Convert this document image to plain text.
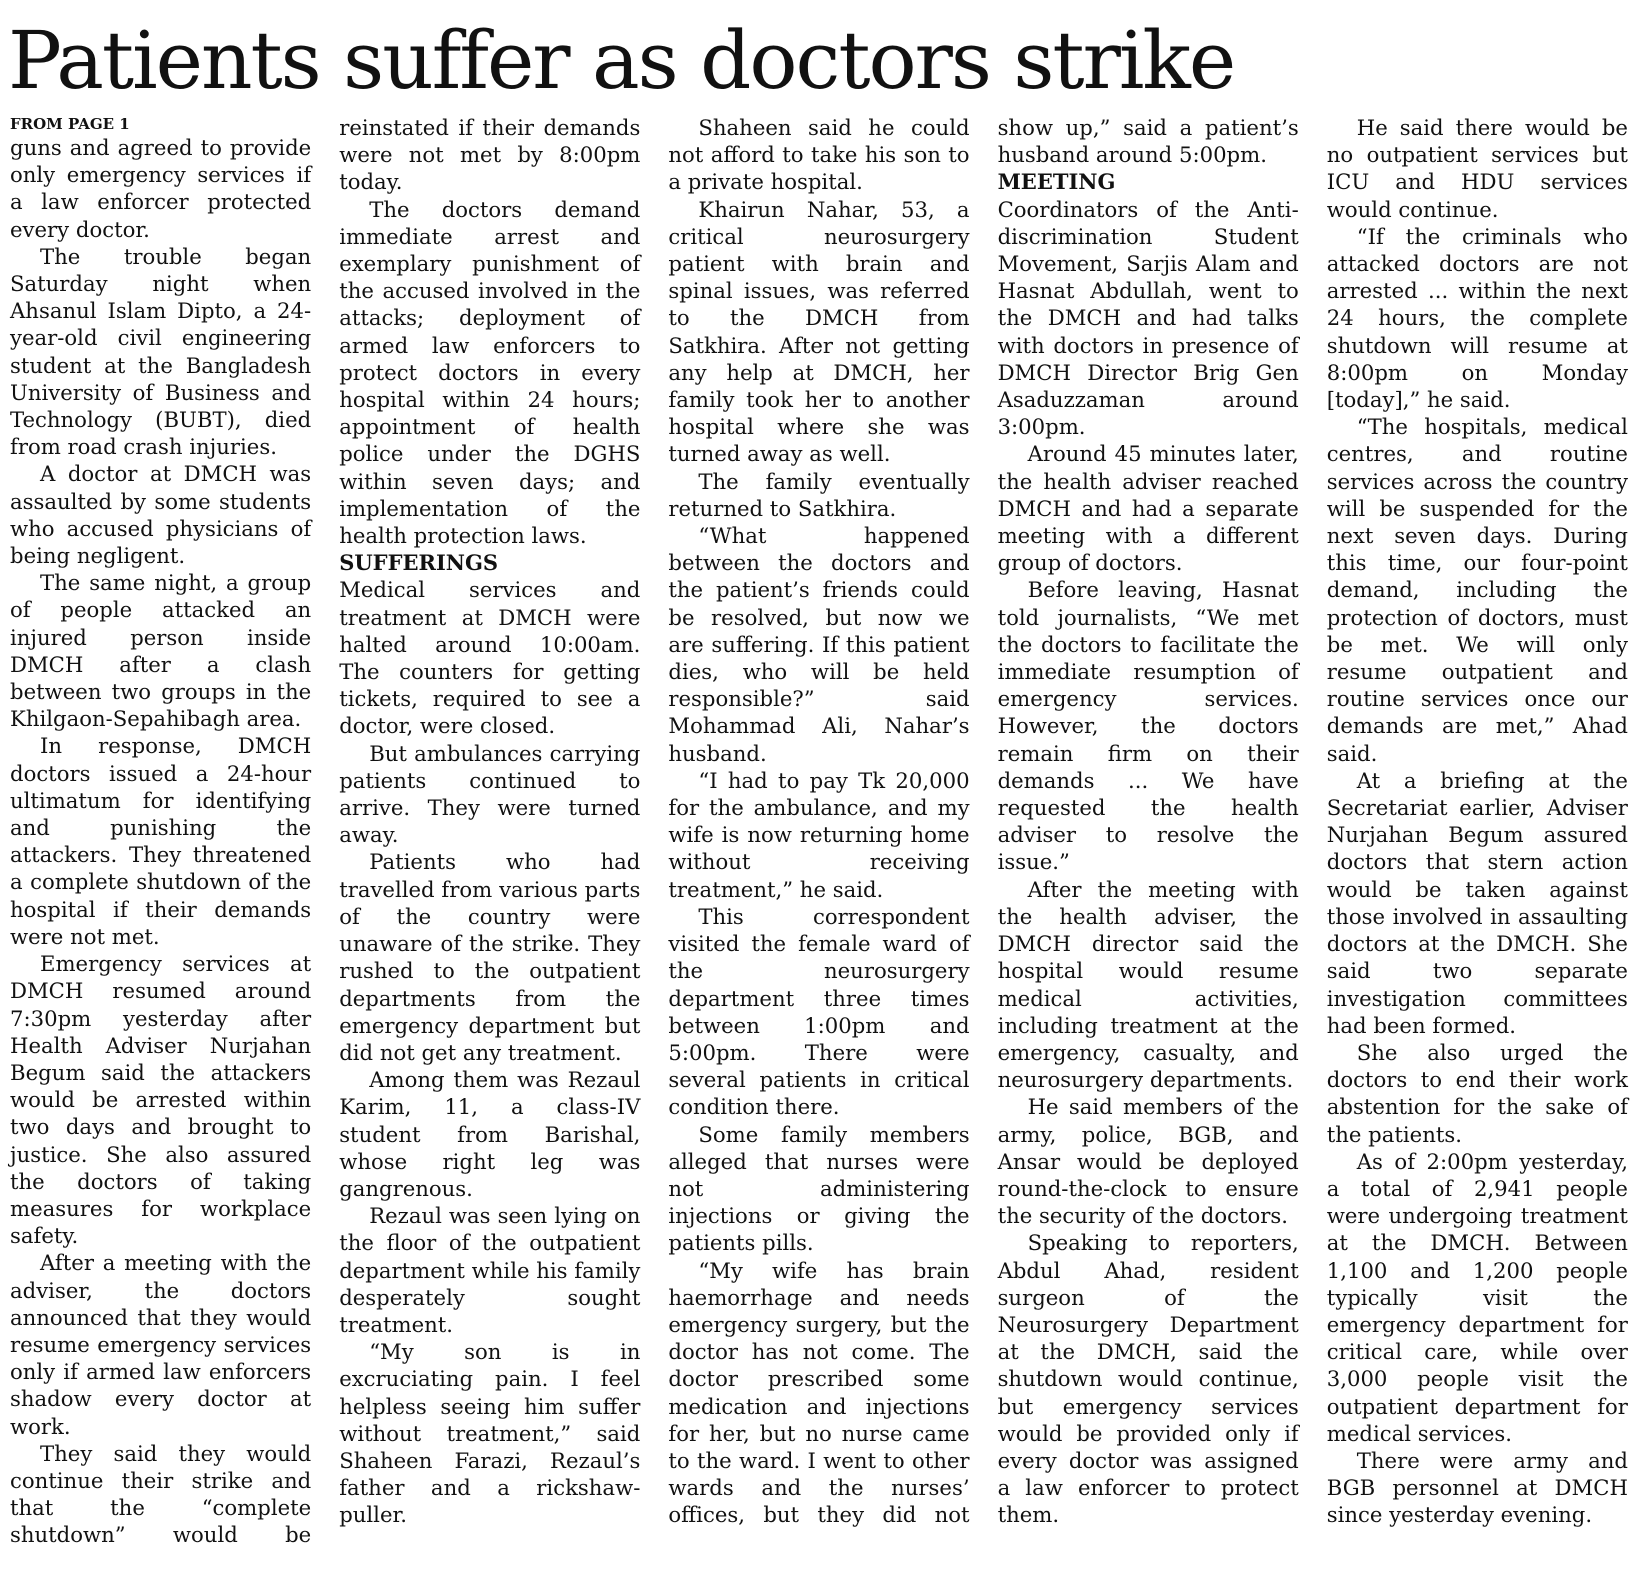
Patients suffer as doctors strike
FROM PAGE 1

guns and agreed to provide only emergency services if a law enforcer protected every doctor.

The trouble began Saturday night when Ahsanul Islam Dipto, a 24-year-old civil engineering student at the Bangladesh University of Business and Technology (BUBT), died from road crash injuries.

A doctor at DMCH was assaulted by some students who accused physicians of being negligent.

The same night, a group of people attacked an injured person inside DMCH after a clash between two groups in the Khilgaon-Sepahibagh area.

In response, DMCH doctors issued a 24-hour ultimatum for identifying and punishing the attackers. They threatened a complete shutdown of the hospital if their demands were not met.

Emergency services at DMCH resumed around 7:30pm yesterday after Health Adviser Nurjahan Begum said the attackers would be arrested within two days and brought to justice. She also assured the doctors of taking measures for workplace safety.

After a meeting with the adviser, the doctors announced that they would resume emergency services only if armed law enforcers shadow every doctor at work.

They said they would continue their strike and that the “complete shutdown” would be reinstated if their demands were not met by 8:00pm today.

The doctors demand immediate arrest and exemplary punishment of the accused involved in the attacks; deployment of armed law enforcers to protect doctors in every hospital within 24 hours; appointment of health police under the DGHS within seven days; and implementation of the health protection laws.

SUFFERINGS

Medical services and treatment at DMCH were halted around 10:00am. The counters for getting tickets, required to see a doctor, were closed.

But ambulances carrying patients continued to arrive. They were turned away.

Patients who had travelled from various parts of the country were unaware of the strike. They rushed to the outpatient departments from the emergency department but did not get any treatment.

Among them was Rezaul Karim, 11, a class-IV student from Barishal, whose right leg was gangrenous.

Rezaul was seen lying on the floor of the outpatient department while his family desperately sought treatment.

“My son is in excruciating pain. I feel helpless seeing him suffer without treatment,” said Shaheen Farazi, Rezaul’s father and a rickshaw-puller.

Shaheen said he could not afford to take his son to a private hospital.

Khairun Nahar, 53, a critical neurosurgery patient with brain and spinal issues, was referred to the DMCH from Satkhira. After not getting any help at DMCH, her family took her to another hospital where she was turned away as well.

The family eventually returned to Satkhira.

“What happened between the doctors and the patient’s friends could be resolved, but now we are suffering. If this patient dies, who will be held responsible?” said Mohammad Ali, Nahar’s husband.

“I had to pay Tk 20,000 for the ambulance, and my wife is now returning home without receiving treatment,” he said.

This correspondent visited the female ward of the neurosurgery department three times between 1:00pm and 5:00pm. There were several patients in critical condition there.

Some family members alleged that nurses were not administering injections or giving the patients pills.

“My wife has brain haemorrhage and needs emergency surgery, but the doctor has not come. The doctor prescribed some medication and injections for her, but no nurse came to the ward. I went to other wards and the nurses’ offices, but they did not show up,” said a patient’s husband around 5:00pm.

MEETING

Coordinators of the Anti-discrimination Student Movement, Sarjis Alam and Hasnat Abdullah, went to the DMCH and had talks with doctors in presence of DMCH Director Brig Gen Asaduzzaman around 3:00pm.

Around 45 minutes later, the health adviser reached DMCH and had a separate meeting with a different group of doctors.

Before leaving, Hasnat told journalists, “We met the doctors to facilitate the immediate resumption of emergency services. However, the doctors remain firm on their demands ... We have requested the health adviser to resolve the issue.”

After the meeting with the health adviser, the DMCH director said the hospital would resume medical activities, including treatment at the emergency, casualty, and neurosurgery departments.

He said members of the army, police, BGB, and Ansar would be deployed round-the-clock to ensure the security of the doctors.

Speaking to reporters, Abdul Ahad, resident surgeon of the Neurosurgery Department at the DMCH, said the shutdown would continue, but emergency services would be provided only if every doctor was assigned a law enforcer to protect them.

He said there would be no outpatient services but ICU and HDU services would continue.

“If the criminals who attacked doctors are not arrested ... within the next 24 hours, the complete shutdown will resume at 8:00pm on Monday [today],” he said.

“The hospitals, medical centres, and routine services across the country will be suspended for the next seven days. During this time, our four-point demand, including the protection of doctors, must be met. We will only resume outpatient and routine services once our demands are met,” Ahad said.

At a briefing at the Secretariat earlier, Adviser Nurjahan Begum assured doctors that stern action would be taken against those involved in assaulting doctors at the DMCH. She said two separate investigation committees had been formed.

She also urged the doctors to end their work abstention for the sake of the patients.

As of 2:00pm yesterday, a total of 2,941 people were undergoing treatment at the DMCH. Between 1,100 and 1,200 people typically visit the emergency department for critical care, while over 3,000 people visit the outpatient department for medical services.

There were army and BGB personnel at DMCH since yesterday evening.
